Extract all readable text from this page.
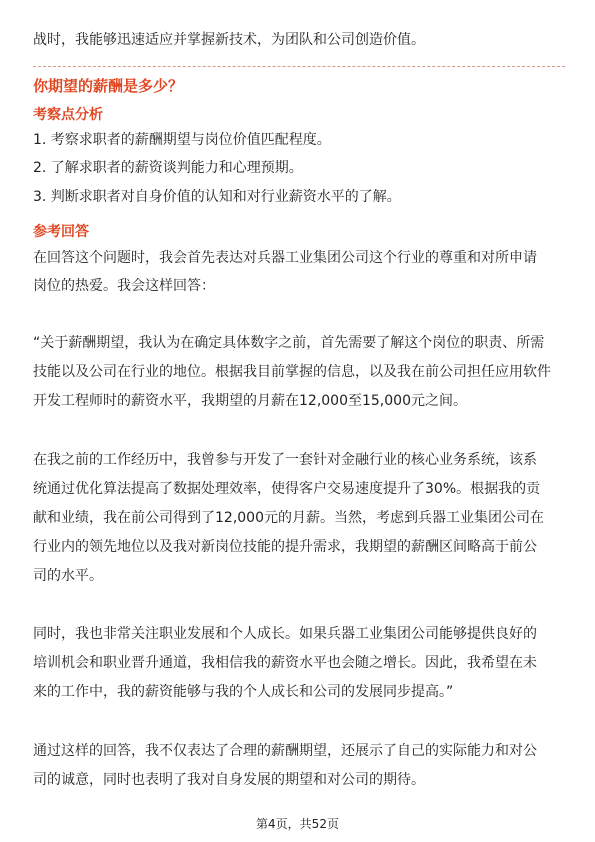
战时，我能够迅速适应并掌握新技术，为团队和公司创造价值。
你期望的薪酬是多少？
考察点分析
1. 考察求职者的薪酬期望与岗位价值匹配程度。
2. 了解求职者的薪资谈判能力和心理预期。
3. 判断求职者对自身价值的认知和对行业薪资水平的了解。
参考回答
在回答这个问题时，我会首先表达对兵器工业集团公司这个行业的尊重和对所申请
岗位的热爱。我会这样回答：
“关于薪酬期望，我认为在确定具体数字之前，首先需要了解这个岗位的职责、所需
技能以及公司在行业的地位。根据我目前掌握的信息，以及我在前公司担任应用软件
开发工程师时的薪资水平，我期望的月薪在12,000至15,000元之间。
在我之前的工作经历中，我曾参与开发了一套针对金融行业的核心业务系统，该系
统通过优化算法提高了数据处理效率，使得客户交易速度提升了30%。根据我的贡
献和业绩，我在前公司得到了12,000元的月薪。当然，考虑到兵器工业集团公司在
行业内的领先地位以及我对新岗位技能的提升需求，我期望的薪酬区间略高于前公
司的水平。
同时，我也非常关注职业发展和个人成长。如果兵器工业集团公司能够提供良好的
培训机会和职业晋升通道，我相信我的薪资水平也会随之增长。因此，我希望在未
来的工作中，我的薪资能够与我的个人成长和公司的发展同步提高。”
通过这样的回答，我不仅表达了合理的薪酬期望，还展示了自己的实际能力和对公
司的诚意，同时也表明了我对自身发展的期望和对公司的期待。
第4页，共52页
